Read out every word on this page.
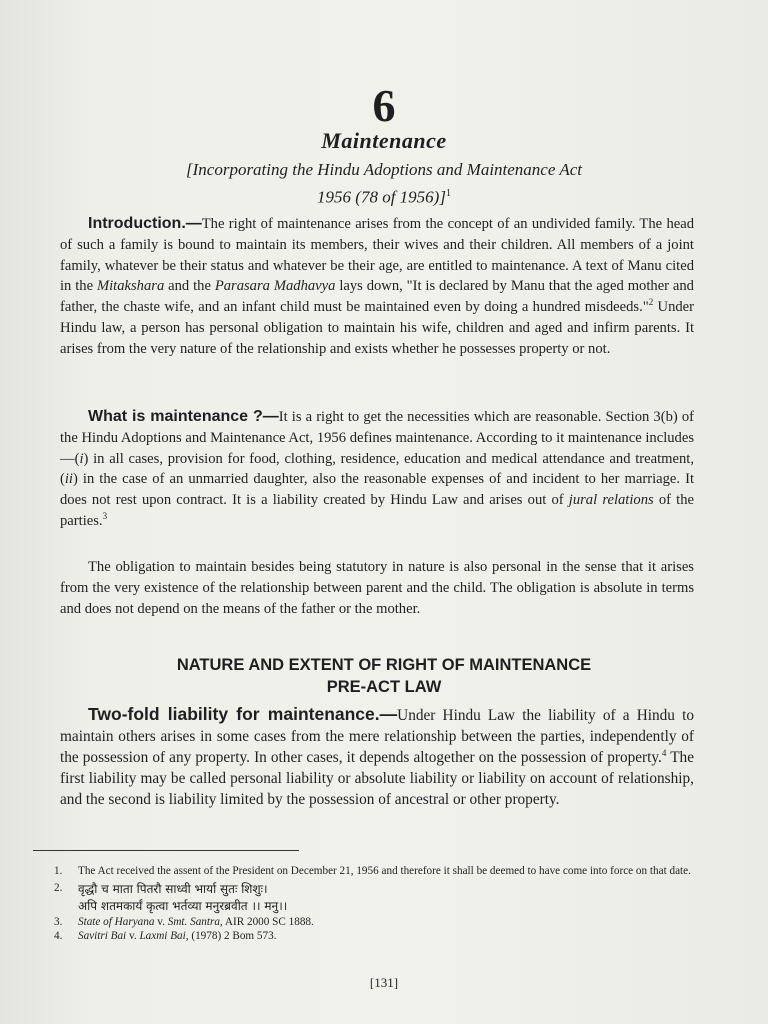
6
Maintenance
[Incorporating the Hindu Adoptions and Maintenance Act
1956 (78 of 1956)]$^1$

Introduction.—The right of maintenance arises from the concept of an undivided family. The head of such a family is bound to maintain its members, their wives and their children. All members of a joint family, whatever be their status and whatever be their age, are entitled to maintenance. A text of Manu cited in the Mitakshara and the Parasara Madhavya lays down, "It is declared by Manu that the aged mother and father, the chaste wife, and an infant child must be maintained even by doing a hundred misdeeds."$^2$ Under Hindu law, a person has personal obligation to maintain his wife, children and aged and infirm parents. It arises from the very nature of the relationship and exists whether he possesses property or not.

What is maintenance ?—It is a right to get the necessities which are reasonable. Section 3(b) of the Hindu Adoptions and Maintenance Act, 1956 defines maintenance. According to it maintenance includes—(i) in all cases, provision for food, clothing, residence, education and medical attendance and treatment, (ii) in the case of an unmarried daughter, also the reasonable expenses of and incident to her marriage. It does not rest upon contract. It is a liability created by Hindu Law and arises out of jural relations of the parties.$^3$

The obligation to maintain besides being statutory in nature is also personal in the sense that it arises from the very existence of the relationship between parent and the child. The obligation is absolute in terms and does not depend on the means of the father or the mother.

NATURE AND EXTENT OF RIGHT OF MAINTENANCE
PRE-ACT LAW

Two-fold liability for maintenance.—Under Hindu Law the liability of a Hindu to maintain others arises in some cases from the mere relationship between the parties, independently of the possession of any property. In other cases, it depends altogether on the possession of property.$^4$ The first liability may be called personal liability or absolute liability or liability on account of relationship, and the second is liability limited by the possession of ancestral or other property.

1.	The Act received the assent of the President on December 21, 1956 and therefore it shall be deemed to have come into force on that date.
2.	वृद्धौ च माता पितरौ साध्वी भार्या सुतः शिशुः।
अपि शतमकार्यं कृत्वा भर्तव्या मनुरब्रवीत ।। मनु।।
3.	State of Haryana v. Smt. Santra, AIR 2000 SC 1888.
4.	Savitri Bai v. Laxmi Bai, (1978) 2 Bom 573.
[131]
